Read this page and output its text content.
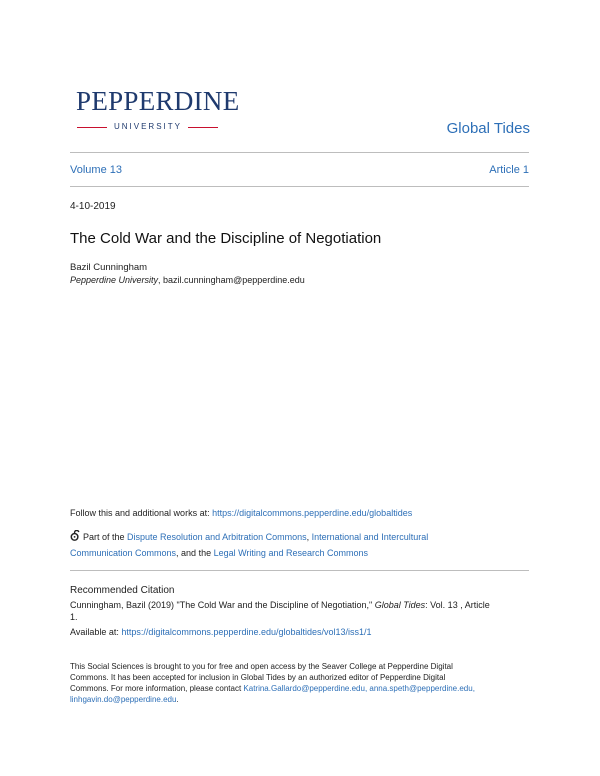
PEPPERDINE
UNIVERSITY	Global Tides
Volume 13	Article 1
4-10-2019
The Cold War and the Discipline of Negotiation
Bazil Cunningham
Pepperdine University, bazil.cunningham@pepperdine.edu
Follow this and additional works at: https://digitalcommons.pepperdine.edu/globaltides
Part of the Dispute Resolution and Arbitration Commons, International and Intercultural
Communication Commons, and the Legal Writing and Research Commons
Recommended Citation
Cunningham, Bazil (2019) "The Cold War and the Discipline of Negotiation," Global Tides: Vol. 13 , Article
1.
Available at: https://digitalcommons.pepperdine.edu/globaltides/vol13/iss1/1
This Social Sciences is brought to you for free and open access by the Seaver College at Pepperdine Digital
Commons. It has been accepted for inclusion in Global Tides by an authorized editor of Pepperdine Digital
Commons. For more information, please contact Katrina.Gallardo@pepperdine.edu, anna.speth@pepperdine.edu,
linhgavin.do@pepperdine.edu.
